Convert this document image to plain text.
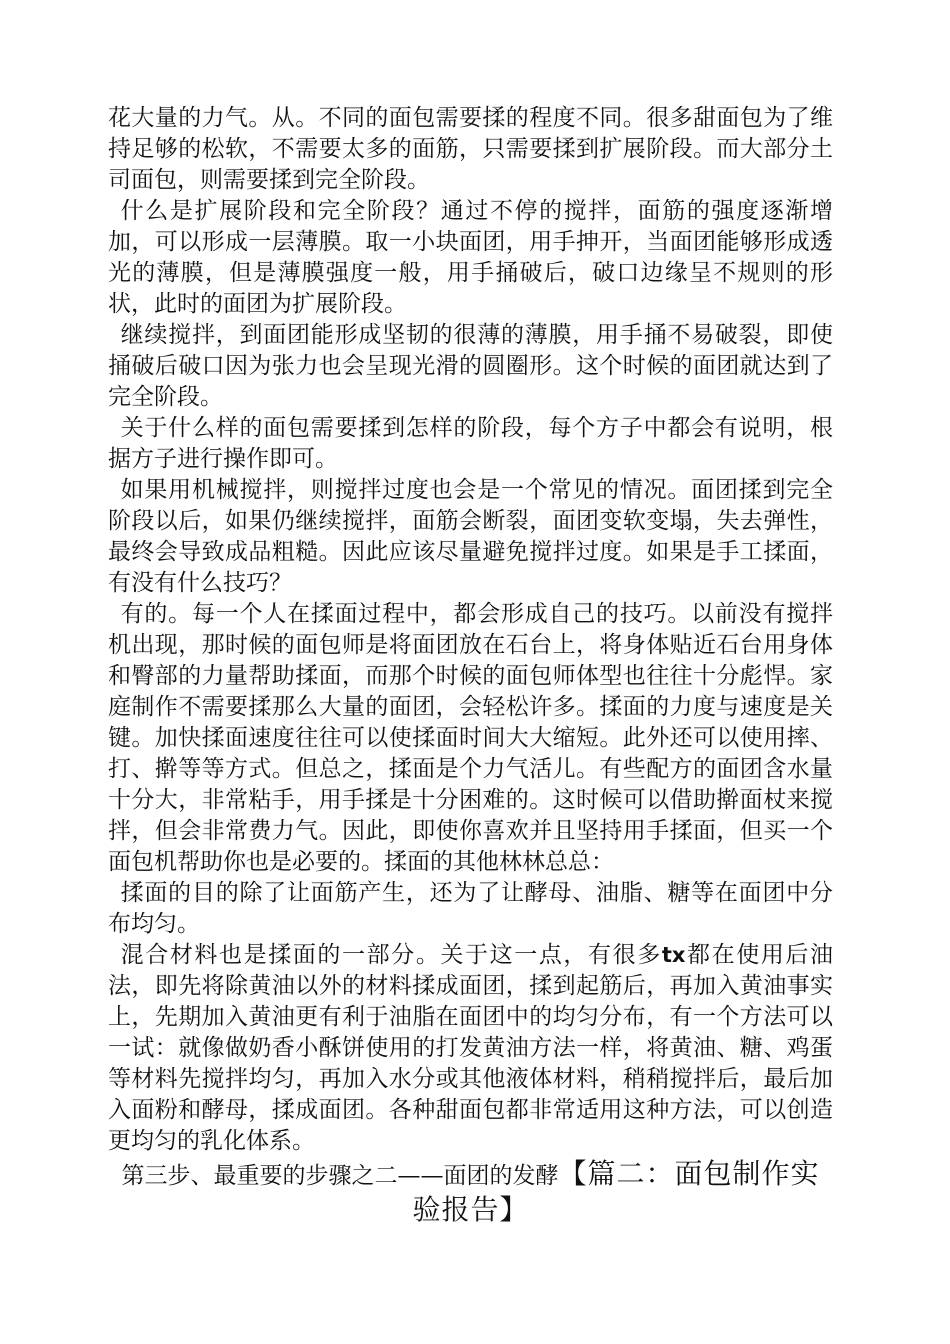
花大量的力气。从。不同的面包需要揉的程度不同。很多甜面包为了维持足够的松软，不需要太多的面筋，只需要揉到扩展阶段。而大部分土司面包，则需要揉到完全阶段。

什么是扩展阶段和完全阶段？通过不停的搅拌，面筋的强度逐渐增加，可以形成一层薄膜。取一小块面团，用手抻开，当面团能够形成透光的薄膜，但是薄膜强度一般，用手捅破后，破口边缘呈不规则的形状，此时的面团为扩展阶段。

继续搅拌，到面团能形成坚韧的很薄的薄膜，用手捅不易破裂，即使捅破后破口因为张力也会呈现光滑的圆圈形。这个时候的面团就达到了完全阶段。

关于什么样的面包需要揉到怎样的阶段，每个方子中都会有说明，根据方子进行操作即可。

如果用机械搅拌，则搅拌过度也会是一个常见的情况。面团揉到完全阶段以后，如果仍继续搅拌，面筋会断裂，面团变软变塌，失去弹性，最终会导致成品粗糙。因此应该尽量避免搅拌过度。如果是手工揉面，有没有什么技巧？

有的。每一个人在揉面过程中，都会形成自己的技巧。以前没有搅拌机出现，那时候的面包师是将面团放在石台上，将身体贴近石台用身体和臀部的力量帮助揉面，而那个时候的面包师体型也往往十分彪悍。家庭制作不需要揉那么大量的面团，会轻松许多。揉面的力度与速度是关键。加快揉面速度往往可以使揉面时间大大缩短。此外还可以使用摔、打、擀等等方式。但总之，揉面是个力气活儿。有些配方的面团含水量十分大，非常粘手，用手揉是十分困难的。这时候可以借助擀面杖来搅拌，但会非常费力气。因此，即使你喜欢并且坚持用手揉面，但买一个面包机帮助你也是必要的。揉面的其他林林总总：

揉面的目的除了让面筋产生，还为了让酵母、油脂、糖等在面团中分布均匀。

混合材料也是揉面的一部分。关于这一点，有很多tx都在使用后油法，即先将除黄油以外的材料揉成面团，揉到起筋后，再加入黄油事实上，先期加入黄油更有利于油脂在面团中的均匀分布，有一个方法可以一试：就像做奶香小酥饼使用的打发黄油方法一样，将黄油、糖、鸡蛋等材料先搅拌均匀，再加入水分或其他液体材料，稍稍搅拌后，最后加入面粉和酵母，揉成面团。各种甜面包都非常适用这种方法，可以创造更均匀的乳化体系。

第三步、最重要的步骤之二——面团的发酵【篇二：面包制作实验报告】
